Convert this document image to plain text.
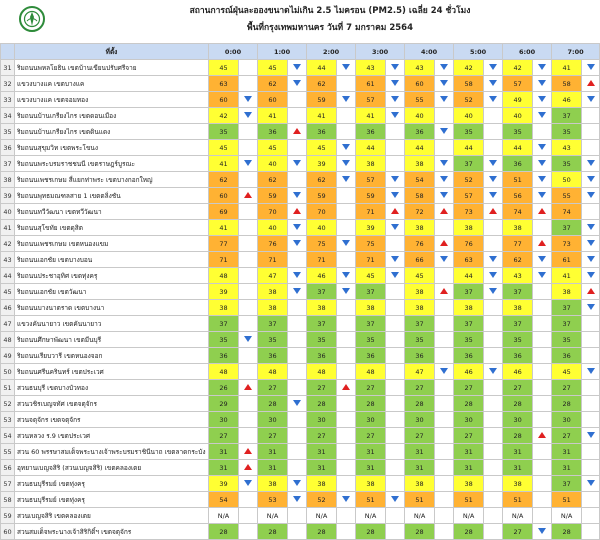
สถานการณ์ฝุ่นละอองขนาดไม่เกิน 2.5 ไมครอน (PM2.5) เฉลี่ย 24 ชั่วโมง
พื้นที่กรุงเทพมหานคร วันที่ 7 มกราคม 2564
	ที่ตั้ง	0:00		1:00		2:00		3:00		4:00		5:00		6:00		7:00	
31	ริมถนนพหลโยธิน เขตบ้านเขียนปรับศรีจาย	45		45		44		43		43		42		42		41	
32	แขวงบางแค เขตบางแค	63		62		62		61		60		58		57		58	
33	แขวงบางแค เขตจอมทอง	60		60		59		57		55		52		49		46	
34	ริมถนนบ้านเกรียงไกร เขตดอนเมือง	42		41		41		41		40		40		40		37	
35	ริมถนนบ้านเกรียงไกร เขตดินแดง	35		36		36		36		36		35		35		35	
36	ริมถนนสุขุมวิท เขตพระโขนง	45		45		45		44		44		44		44		43	
37	ริมถนนพระบรมราชชนนี เขตราษฎร์บูรณะ	41		40		39		38		38		37		36		35	
38	ริมถนนเพชรเกษม สี่แยกท่าพระ เขตบางกอกใหญ่	62		62		62		57		54		52		51		50	
39	ริมถนนพุทธมณฑลสาย 1 เขตตลิ่งชัน	60		59		59		59		58		57		56		55	
40	ริมถนนทวีวัฒนา เขตทวีวัฒนา	69		70		70		71		72		73		74		74	
41	ริมถนนสุโขทัย เขตดุสิต	41		40		40		39		38		38		38		37	
42	ริมถนนเพชรเกษม เขตหนองแขม	77		76		75		75		76		76		77		73	
43	ริมถนนเอกชัย เขตบางบอน	71		71		71		71		66		63		62		61	
44	ริมถนนประชาอุทิศ เขตทุ่งครุ	48		47		46		45		45		44		43		41	
45	ริมถนนเอกชัย เขตวัฒนา	39		38		37		37		38		37		37		38	
46	ริมถนนบางนาตราด เขตบางนา	38		38		38		38		38		38		38		37	
47	แขวงคันนายาว เขตคันนายาว	37		37		37		37		37		37		37		37	
48	ริมถนนศึกษาพัฒนา เขตมีนบุรี	35		35		35		35		35		35		35		35	
49	ริมถนนเรียบวารี เขตหนองจอก	36		36		36		36		36		36		36		36	
50	ริมถนนศรีนครินทร์ เขตประเวศ	48		48		48		48		47		46		46		45	
51	สวนธนบุรี เขตบางบัวทอง	26		27		27		27		27		27		27		27	
52	สวนวชิรเบญจทัศ เขตจตุจักร	29		28		28		28		28		28		28		28	
53	สวนจตุจักร เขตจตุจักร	30		30		30		30		30		30		30		30	
54	สวนหลวง ร.9 เขตประเวศ	27		27		27		27		27		27		28		27	
55	สวน 60 พรรษาสมเด็จพระนางเจ้าพระบรมราชินีนาถ เขตลาดกระบัง	31		31		31		31		31		31		31		31	
56	อุทยานเบญจสิริ (สวนเบญจสิริ) เขตคลองเตย	31		31		31		31		31		31		31		31	
57	สวนธนบุรีรมย์ เขตทุ่งครุ	39		38		38		38		38		38		38		37	
58	สวนธนบุรีรมย์ เขตทุ่งครุ	54		53		52		51		51		51		51		51	
59	สวนเบญจสิริ เขตคลองเตย	N/A		N/A		N/A		N/A		N/A		N/A		N/A		N/A	
60	สวนสมเด็จพระนางเจ้าสิริกิติ์ฯ เขตจตุจักร	28		28		28		28		28		28		27		28	
